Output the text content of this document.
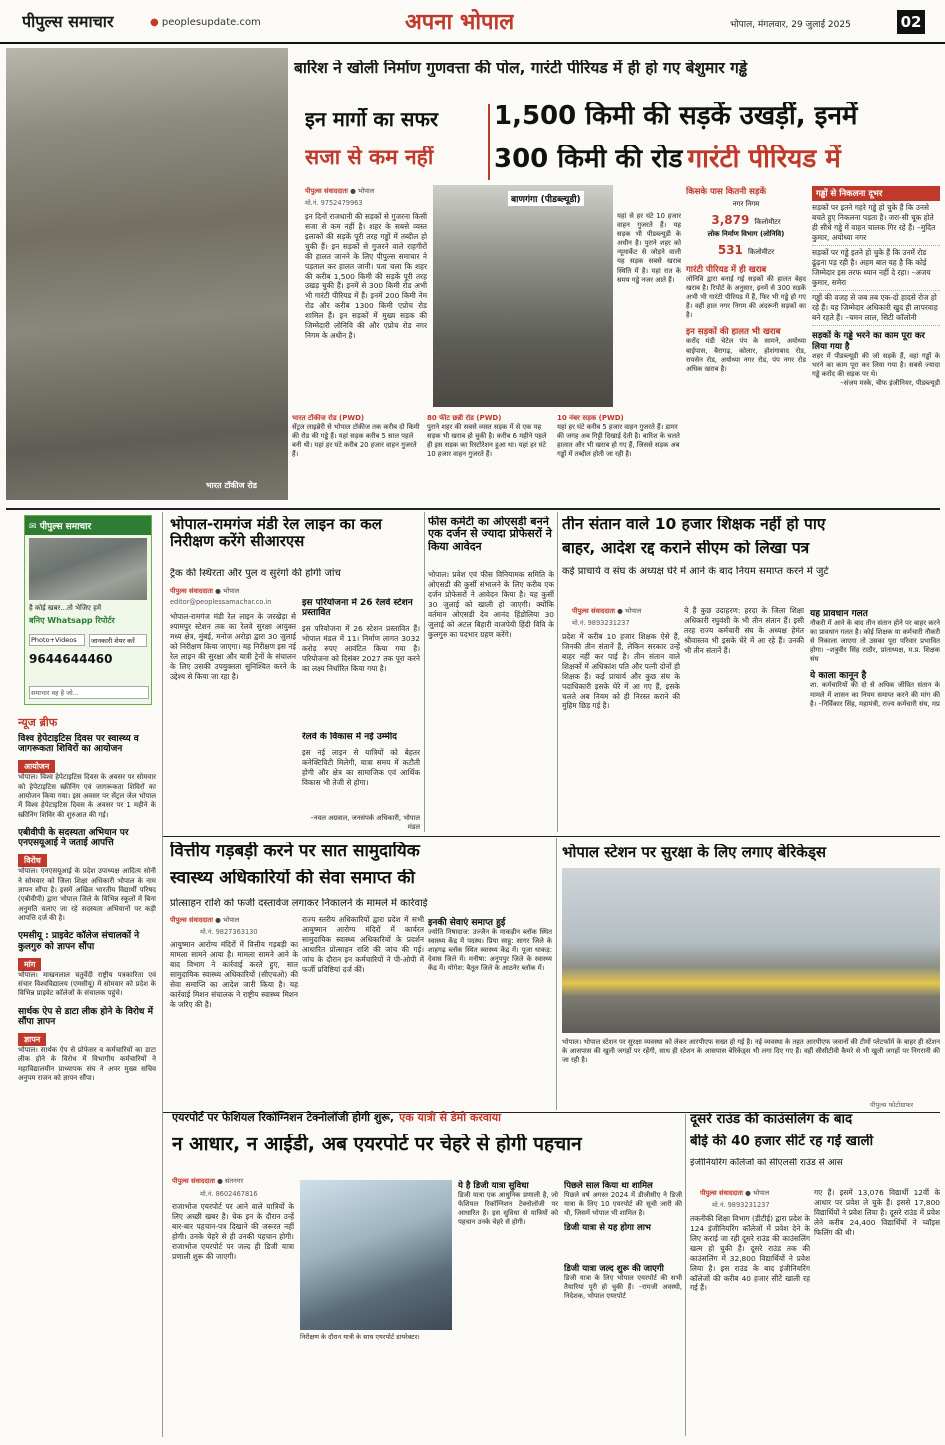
पीपुल्स समाचार	● peoplesupdate.com	अपना भोपाल	भोपाल, मंगलवार, 29 जुलाई 2025	02
भारत टॉकीज रोड
बारिश ने खोली निर्माण गुणवत्ता की पोल, गारंटी पीरियड में ही हो गए बेशुमार गड्ढे
इन मार्गो का सफर
सजा से कम नहीं
1,500 किमी की सड़कें उखड़ीं, इनमें
300 किमी की रोड गारंटी पीरियड में
पीपुल्स संवाददाता ● भोपाल
मो.नं. 9752479963
इन दिनों राजधानी की सड़कों से गुजरना किसी सजा से कम नहीं है। शहर के सबसे व्यस्त इलाकों की सड़कें पूरी तरह गड्ढों में तब्दील हो चुकी हैं। इन सड़कों से गुजरने वाले राहगीरों की हालत जानने के लिए पीपुल्स समाचार ने पड़ताल कर हालत जानी। पता चला कि शहर की करीब 1,500 किमी की सड़कें पूरी तरह उखड़ चुकी हैं। इनमें से 300 किमी रोड अभी भी गारंटी पीरियड में हैं। इनमें 200 किमी नेम रोड और करीब 1300 किमी एप्रोच रोड शामिल हैं। इन सड़कों में मुख्य सड़क की जिम्मेदारी लोनिवि की और एप्रोच रोड नगर निगम के अधीन है।
बाणगंगा (पीडब्ल्यूडी)
यहां से हर घंटे 10 हजार वाहन गुजरते हैं। यह सड़क भी पीडब्ल्यूडी के अधीन है। पुराने शहर को न्यूमार्केट से जोड़ने वाली यह सड़क सबसे खराब स्थिति में है। यहां रात के समय गड्ढे नजर आते हैं।
भारत टॉकीज रोड (PWD)
सेंट्रल लाइब्रेरी से भोपाल टॉकीज तक करीब दो किमी की रोड की गड्ढे हैं। यहां सड़क करीब 5 साल पहले बनी थी। यहां हर घंटे करीब 20 हजार वाहन गुजरते हैं।
80 फीट छन्नी रोड (PWD)
पुराने शहर की सबसे व्यस्त सड़क में से एक यह सड़क भी खराब हो चुकी है। करीब 6 महीने पहले ही इस सड़क का रिस्टोरेशन हुआ था। यहां हर घंटे 10 हजार वाहन गुजरते हैं।
10 नंबर सड़क (PWD)
यहां हर घंटे करीब 5 हजार वाहन गुजरते हैं। डामर की जगह अब गिट्टी दिखाई देती है। बारिश के चलते हालात और भी खराब हो गए हैं, जिससे सड़क अब गड्ढों में तब्दील होती जा रही है।
किसके पास कितनी सड़कें
नगर निगम
3,879 किलोमीटर
लोक निर्माण विभाग (लोनिवि)
531 किलोमीटर
गारंटी पीरियड में ही खराब
लोनिवि द्वारा बनाई गई सड़कों की हालत बेहद खराब है। रिपोर्ट के अनुसार, इनमें से 300 सड़कें अभी भी गारंटी पीरियड में हैं, फिर भी गड्ढे हो गए हैं। वहीं हाल नगर निगम की अंदरूनी सड़कों का है।
इन सड़कों की हालत भी खराब
करोंद मंडी चेटेल पंप के सामने, अयोध्या बाईपास, बैरागढ़, कोलार, होशंगाबाद रोड, रायसेन रोड, अयोध्या नगर रोड, पंप नगर रोड अधिक खराब है।
गड्ढों से निकलना दूभर
सड़कों पर इतने गहरे गड्ढे हो चुके हैं कि उनसे बचते हुए निकलना पड़ता है। जरा-सी चूक होते ही सीधे गड्ढे में वाहन चालक गिर रहे हैं। –मुदित कुमार, अयोध्या नगर
सड़कों पर गड्ढे इतने हो चुके हैं कि उनमें रोड ढूंढ़ना पड़ रही है। अहम बात यह है कि कोई जिम्मेदार इस तरफ ध्यान नहीं दे रहा। –अजय कुमार, समेरा
गड्ढों की वजह से जब तब एक-दो हादसे रोज हो रहे हैं। यह जिम्मेदार अधिकारी खुद ही लापरवाह बने रहते हैं। –चमन लाल, सिटी कॉलोनी
सड़कों के गड्ढे भरने का काम पूरा कर लिया गया है
शहर में पीडब्ल्यूडी की जो सड़कें हैं, वहां गड्ढों के भरने का काम पूरा कर लिया गया है। सबसे ज्यादा गड्ढे करोंद की सड़क पर थे।
–संजय मस्के, चीफ इंजीनियर, पीडब्ल्यूडी
✉ पीपुल्स समाचार
है कोई खबर...तो भेजिए हमें
बनिए Whatsapp रिपोर्टर
Photo+Videos	जानकारी शेयर करें
9644644460
समाचार वह है जो...
न्यूज ब्रीफ
विश्व हेपेटाइटिस दिवस पर स्वास्थ्य व जागरूकता शिविरों का आयोजन
आयोजन
भोपाल। विश्व हेपेटाइटिस दिवस के अवसर पर सोमवार को हेपेटाइटिस स्क्रीनिंग एवं जागरूकता शिविरों का आयोजन किया गया। इस अवसर पर सेंट्रल जेल भोपाल में विश्व हेपेटाइटिस दिवस के अवसर पर 1 महीने के स्क्रीनिंग शिविर की शुरुआत की गई।
एबीवीपी के सदस्यता अभियान पर एनएसयूआई ने जताई आपत्ति
विरोध
भोपाल। एनएसयूआई के प्रदेश उपाध्यक्ष आदित्य सोनी ने सोमवार को जिला शिक्षा अधिकारी भोपाल के नाम ज्ञापन सौंपा है। इसमें अखिल भारतीय विद्यार्थी परिषद (एबीवीपी) द्वारा भोपाल जिले के विभिन्न स्कूलों में बिना अनुमति चलाए जा रहे सदस्यता अभियानों पर कड़ी आपत्ति दर्ज की है।
एमसीयू : प्राइवेट कॉलेज संचालकों ने कुलगुरु को ज्ञापन सौंपा
मांग
भोपाल। माखनलाल चतुर्वेदी राष्ट्रीय पत्रकारिता एवं संचार विश्वविद्यालय (एमसीयू) में सोमवार को प्रदेश के विभिन्न प्राइवेट कॉलेजों के संचालक पहुंचे।
सार्थक ऐप से डाटा लीक होने के विरोध में सौंपा ज्ञापन
ज्ञापन
भोपाल। सार्थक ऐप से प्रोफेसर व कर्मचारियों का डाटा लीक होने के विरोध में विभागीय कर्मचारियों ने महाविद्यालयीन प्राध्यापक संघ ने अपर मुख्य सचिव अनुपम राजन को ज्ञापन सौंपा।
भोपाल-रामगंज मंडी रेल लाइन का कल निरीक्षण करेंगे सीआरएस
ट्रैक की स्थिरता और पुल व सुरंगों की होगी जांच
पीपुल्स संवाददाता ● भोपाल
editor@peoplessamachar.co.in
भोपाल-रामगंज मंडी रेल लाइन के जरखेड़ा से श्यामपुर स्टेशन तक का रेलवे सुरक्षा आयुक्त मध्य क्षेत्र, मुंबई, मनोज अरोड़ा द्वारा 30 जुलाई को निरीक्षण किया जाएगा। यह निरीक्षण इस नई रेल लाइन की सुरक्षा और यात्री ट्रेनों के संचालन के लिए उसकी उपयुक्तता सुनिश्चित करने के उद्देश्य से किया जा रहा है।
इस परियोजना में 26 रेलवे स्टेशन प्रस्तावित
इस परियोजना में 26 स्टेशन प्रस्तावित हैं। भोपाल मंडल में 11। निर्माण लागत 3032 करोड़ रुपए आवंटित किया गया है। परियोजना को दिसंबर 2027 तक पूरा करने का लक्ष्य निर्धारित किया गया है।
रेलवे के विकास में नई उम्मीद
इस नई लाइन से यात्रियों को बेहतर कनेक्टिविटी मिलेगी, यात्रा समय में कटौती होगी और क्षेत्र का सामाजिक एवं आर्थिक विकास भी तेजी से होगा।
–नवल अग्रवाल, जनसंपर्क अधिकारी, भोपाल मंडल
फीस कमेटी का ओएसडी बनने एक दर्जन से ज्यादा प्रोफेसरों ने किया आवेदन
भोपाल। प्रवेश एवं फीस विनियामक समिति के ओएसडी की कुर्सी संभालने के लिए करीब एक दर्जन प्रोफेसरों ने आवेदन किया है। यह कुर्सी 30 जुलाई को खाली हो जाएगी। क्योंकि वर्तमान ओएसडी देव आनंद हिंडोलिया 30 जुलाई को अटल बिहारी वाजपेयी हिंदी विवि के कुलगुरु का पदभार ग्रहण करेंगे।
तीन संतान वाले 10 हजार शिक्षक नहीं हो पाए
बाहर, आदेश रद्द कराने सीएम को लिखा पत्र
कई प्राचार्य व संघ के अध्यक्ष घेरे में आने के बाद नियम समाप्त करने में जुटे
पीपुल्स संवाददाता ● भोपाल
मो.नं. 9893231237
प्रदेश में करीब 10 हजार शिक्षक ऐसे हैं, जिनकी तीन संतानें हैं, लेकिन सरकार उन्हें बाहर नहीं कर पाई है। तीन संतान वाले शिक्षकों में अधिकांश पति और पत्नी दोनों ही शिक्षक हैं। कई प्राचार्य और कुछ संघ के पदाधिकारी इसके घेरे में आ गए हैं, इसके चलते अब नियम को ही निरस्त कराने की मुहिम छिड़ गई है।
ये हैं कुछ उदाहरण: हरदा के जिला शिक्षा अधिकारी रघुवंशी के भी तीन संतान हैं। इसी तरह राज्य कर्मचारी संघ के अध्यक्ष हेमंत श्रीवास्तव भी इसके घेरे में आ रहे हैं। उनकी भी तीन संतानें हैं।
यह प्रावधान गलत
नौकरी में आने के बाद तीन संतान होने पर बाहर करने का प्रावधान गलत है। कोई शिक्षक या कर्मचारी नौकरी से निकाला जाएगा तो उसका पूरा परिवार प्रभावित होगा। –शत्रुवीर सिंह राठौर, प्रांताध्यक्ष, म.प्र. शिक्षक संघ
ये काला कानून है
शा. कर्मचारियों की दो से अधिक जीवित संतान के मामले में शासन का नियम समाप्त करने की मांग की है। –निर्विकार सिंह, महामंत्री, राज्य कर्मचारी संघ, मप्र
वित्तीय गड़बड़ी करने पर सात सामुदायिक
स्वास्थ्य अधिकारियों की सेवा समाप्त की
प्रोत्साहन राशि को फर्जी दस्तावेज लगाकर निकालने के मामले में कार्रवाई
पीपुल्स संवाददाता ● भोपाल
मो.नं. 9827363130
आयुष्मान आरोग्य मंदिरों में वित्तीय गड़बड़ी का मामला सामने आया है। मामला सामने आने के बाद विभाग ने कार्रवाई करते हुए, सात सामुदायिक स्वास्थ्य अधिकारियों (सीएचओ) की सेवा समाप्ति का आदेश जारी किया है। यह कार्रवाई मिशन संचालक ने राष्ट्रीय स्वास्थ्य मिशन के जरिए की है।
राज्य स्तरीय अधिकारियों द्वारा प्रदेश में सभी आयुष्मान आरोग्य मंदिरों में कार्यरत सामुदायिक स्वास्थ्य अधिकारियों के प्रदर्शन आधारित प्रोत्साहन राशि की जांच की गई। जांच के दौरान इन कर्मचारियों ने पी-ओपी में फर्जी प्रविष्टियां दर्ज कीं।
इनकी सेवाएं समाप्त हुई
ज्योति निषादाज: उज्जैन के माकड़ीन ब्लॉक स्थित स्वास्थ्य केंद्र में पदस्थ। प्रिया साहू: सागर जिले के शाहगढ़ ब्लॉक स्थित स्वास्थ्य केंद्र में। पूजा धाकड़: देवास जिले में। मनीषा: अनूपपुर जिले के स्वास्थ्य केंद्र में। योगेश: बैतूल जिले के आठनेर ब्लॉक में।
भोपाल स्टेशन पर सुरक्षा के लिए लगाए बेरिकेड्स
भोपाल। भोपाल स्टेशन पर सुरक्षा व्यवस्था को लेकर आरपीएफ सख्त हो गई है। नई व्यवस्था के तहत आरपीएफ जवानों की टीमों प्लेटफॉर्म के बाहर ही स्टेशन के आसपास की खुली जगहों पर रहेंगी, साथ ही स्टेशन के आसपास बेरिकेड्स भी लगा दिए गए हैं। वहीं सीसीटीवी कैमरे से भी खुली जगहों पर निगरानी की जा रही है।
पीपुल्स फोटोग्राफर
एयरपोर्ट पर फेशियल रिकॉग्निशन टेक्नोलॉजी होगी शुरू, एक यात्री से डेमो करवाया
न आधार, न आईडी, अब एयरपोर्ट पर चेहरे से होगी पहचान
पीपुल्स संवाददाता ● संतनगर
मो.नं. 8602467816
राजाभोज एयरपोर्ट पर आने वाले यात्रियों के लिए अच्छी खबर है। चेक इन के दौरान उन्हें बार-बार पहचान-पत्र दिखाने की जरूरत नहीं होगी। उनके चेहरे से ही उनकी पहचान होगी। राजाभोज एयरपोर्ट पर जल्द ही डिजी यात्रा प्रणाली शुरू की जाएगी।
निरीक्षण के दौरान यात्री के साथ एयरपोर्ट डायरेक्टर।
ये है डिजी यात्रा सुविधा
डिजी यात्रा एक आधुनिक प्रणाली है, जो फेशियल रिकॉग्निशन टेक्नोलॉजी पर आधारित है। इस सुविधा से यात्रियों को पहचान उनके चेहरे से होगी।
पिछले साल किया था शामिल
पिछले वर्ष अगस्त 2024 में डीजीसीए ने डिजी यात्रा के लिए 10 एयरपोर्ट की सूची जारी की थी, जिसमें भोपाल भी शामिल है।
डिजी यात्रा से यह होगा लाभ
डिजी यात्रा जल्द शुरू की जाएगी
डिजी यात्रा के लिए भोपाल एयरपोर्ट की सभी तैयारियां पूरी हो चुकी हैं। –रामजी अवस्थी, निदेशक, भोपाल एयरपोर्ट
दूसरे राउंड की काउंसलिंग के बाद
बीई की 40 हजार सीटें रह गईं खाली
इंजीनियरिंग कॉलेजों को सीएलसी राउंड से आस
पीपुल्स संवाददाता ● भोपाल
मो.नं. 9893231237
तकनीकी शिक्षा विभाग (डीटीई) द्वारा प्रदेश के 124 इंजीनियरिंग कॉलेजों में प्रवेश देने के लिए कराई जा रही दूसरे राउंड की काउंसलिंग खत्म हो चुकी है। दूसरे राउंड तक की काउंसलिंग में 32,800 विद्यार्थियों ने प्रवेश लिया है। इस राउंड के बाद इंजीनियरिंग कॉलेजों की करीब 40 हजार सीटें खाली रह गई हैं।
गए हैं। इसमें 13,076 विद्यार्थी 12वीं के आधार पर प्रवेश ले चुके हैं। इससे 17,800 विद्यार्थियों ने प्रवेश लिया है। दूसरे राउंड में प्रवेश लेने करीब 24,400 विद्यार्थियों ने च्वॉइस फिलिंग की थी।
